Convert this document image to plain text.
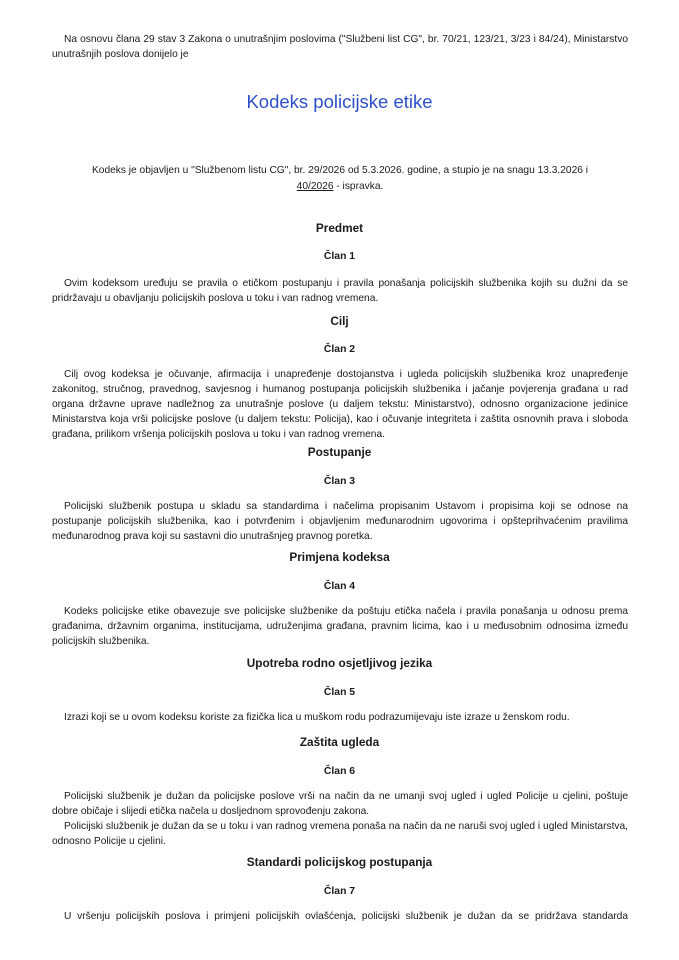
Na osnovu člana 29 stav 3 Zakona o unutrašnjim poslovima ("Službeni list CG", br. 70/21, 123/21, 3/23 i 84/24), Ministarstvo unutrašnjih poslova donijelo je

Kodeks policijske etike

Kodeks je objavljen u "Službenom listu CG", br. 29/2026 od 5.3.2026. godine, a stupio je na snagu 13.3.2026 i
40/2026 - ispravka.

Predmet
Član 1

Ovim kodeksom uređuju se pravila o etičkom postupanju i pravila ponašanja policijskih službenika kojih su dužni da se pridržavaju u obavljanju policijskih poslova u toku i van radnog vremena.

Cilj
Član 2

Cilj ovog kodeksa je očuvanje, afirmacija i unapređenje dostojanstva i ugleda policijskih službenika kroz unapređenje zakonitog, stručnog, pravednog, savjesnog i humanog postupanja policijskih službenika i jačanje povjerenja građana u rad organa državne uprave nadležnog za unutrašnje poslove (u daljem tekstu: Ministarstvo), odnosno organizacione jedinice Ministarstva koja vrši policijske poslove (u daljem tekstu: Policija), kao i očuvanje integriteta i zaštita osnovnih prava i sloboda građana, prilikom vršenja policijskih poslova u toku i van radnog vremena.

Postupanje
Član 3

Policijski službenik postupa u skladu sa standardima i načelima propisanim Ustavom i propisima koji se odnose na postupanje policijskih službenika, kao i potvrđenim i objavljenim međunarodnim ugovorima i opšteprihvaćenim pravilima međunarodnog prava koji su sastavni dio unutrašnjeg pravnog poretka.

Primjena kodeksa
Član 4

Kodeks policijske etike obavezuje sve policijske službenike da poštuju etička načela i pravila ponašanja u odnosu prema građanima, državnim organima, institucijama, udruženjima građana, pravnim licima, kao i u međusobnim odnosima između policijskih službenika.

Upotreba rodno osjetljivog jezika
Član 5

Izrazi koji se u ovom kodeksu koriste za fizička lica u muškom rodu podrazumijevaju iste izraze u ženskom rodu.

Zaštita ugleda
Član 6

Policijski službenik je dužan da policijske poslove vrši na način da ne umanji svoj ugled i ugled Policije u cjelini, poštuje dobre običaje i slijedi etička načela u dosljednom sprovođenju zakona.

Policijski službenik je dužan da se u toku i van radnog vremena ponaša na način da ne naruši svoj ugled i ugled Ministarstva, odnosno Policije u cjelini.

Standardi policijskog postupanja
Član 7

U vršenju policijskih poslova i primjeni policijskih ovlašćenja, policijski službenik je dužan da se pridržava standarda
